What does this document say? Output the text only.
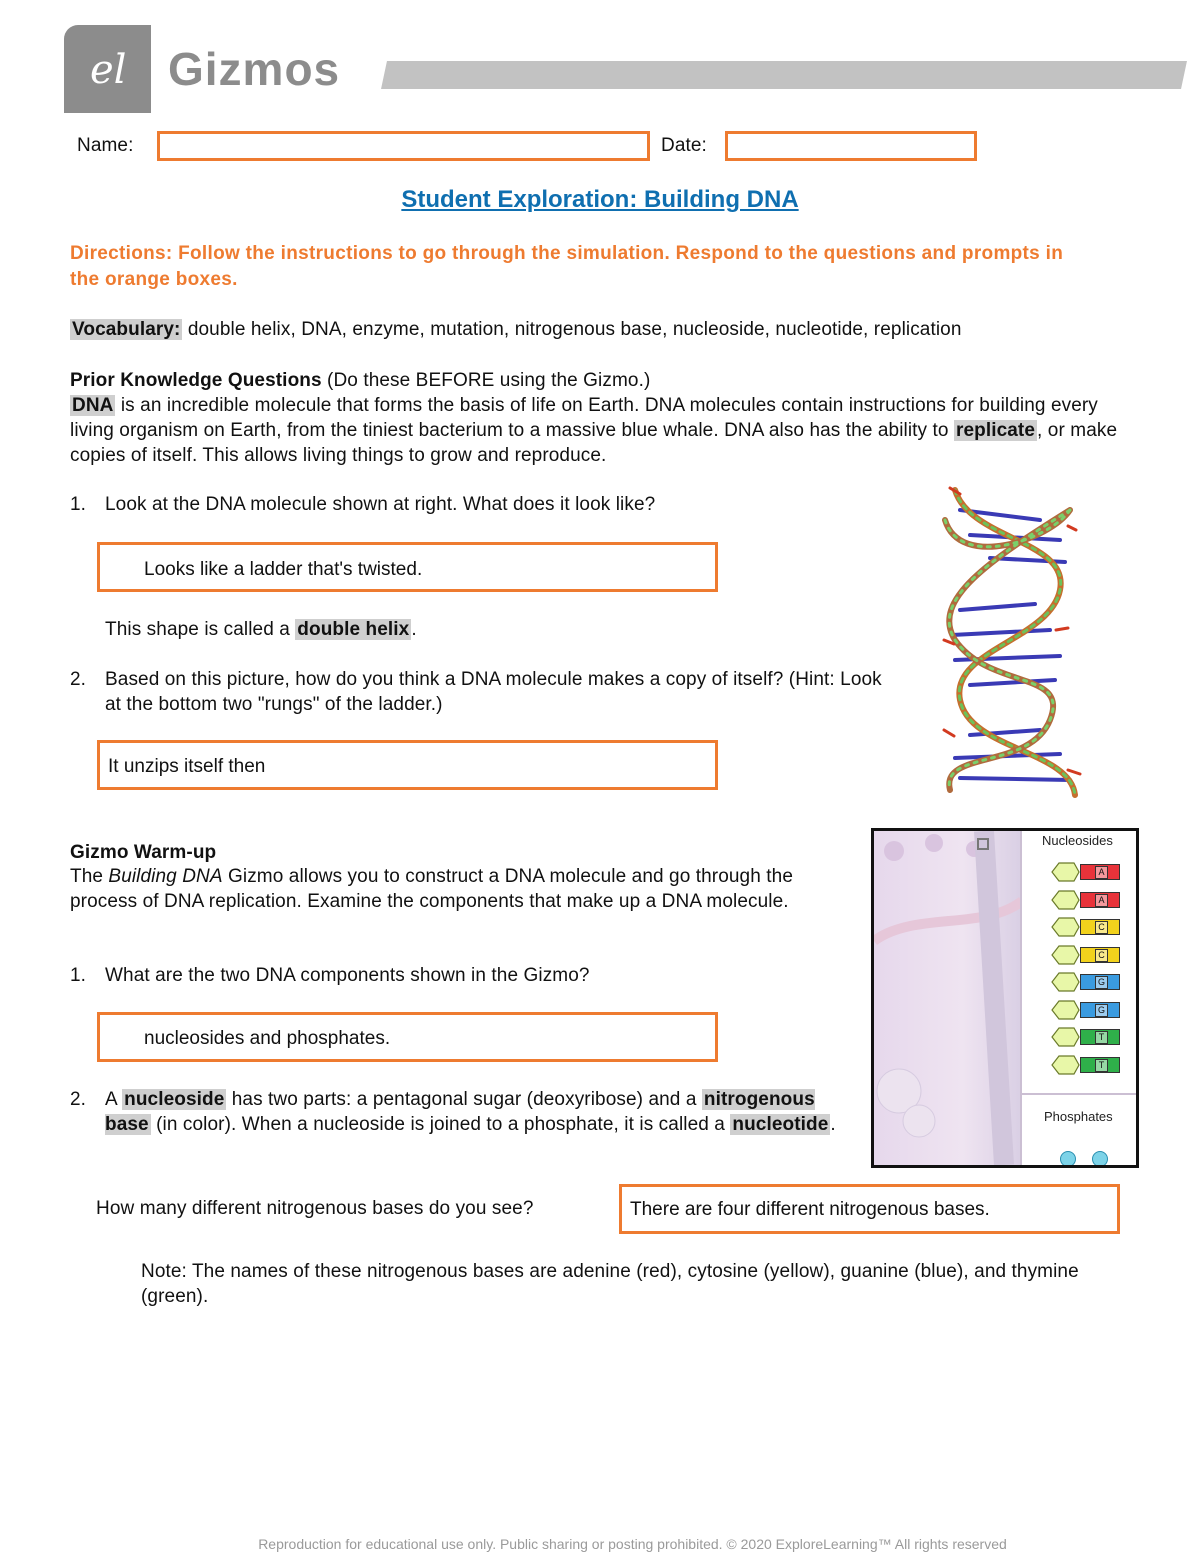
el Gizmos
Name:	Date:
Student Exploration: Building DNA
Directions: Follow the instructions to go through the simulation. Respond to the questions and prompts in the orange boxes.
Vocabulary: double helix, DNA, enzyme, mutation, nitrogenous base, nucleoside, nucleotide, replication
Prior Knowledge Questions (Do these BEFORE using the Gizmo.)
DNA is an incredible molecule that forms the basis of life on Earth. DNA molecules contain instructions for building every living organism on Earth, from the tiniest bacterium to a massive blue whale. DNA also has the ability to replicate , or make copies of itself. This allows living things to grow and reproduce.
1. Look at the DNA molecule shown at right. What does it look like?
Looks like a ladder that's twisted.
This shape is called a double helix .
2. Based on this picture, how do you think a DNA molecule makes a copy of itself? (Hint: Look at the bottom two "rungs" of the ladder.)
It unzips itself then
Gizmo Warm-up
The Building DNA Gizmo allows you to construct a DNA molecule and go through the process of DNA replication. Examine the components that make up a DNA molecule.
1. What are the two DNA components shown in the Gizmo?
nucleosides and phosphates.
2. A nucleoside has two parts: a pentagonal sugar (deoxyribose) and a nitrogenous base (in color). When a nucleoside is joined to a phosphate, it is called a nucleotide .
How many different nitrogenous bases do you see?	There are four different nitrogenous bases.
Note: The names of these nitrogenous bases are adenine (red), cytosine (yellow), guanine (blue), and thymine (green).
Nucleosides
A
A
C
C
G
G
T
T
Phosphates
Reproduction for educational use only. Public sharing or posting prohibited. © 2020 ExploreLearning™ All rights reserved
